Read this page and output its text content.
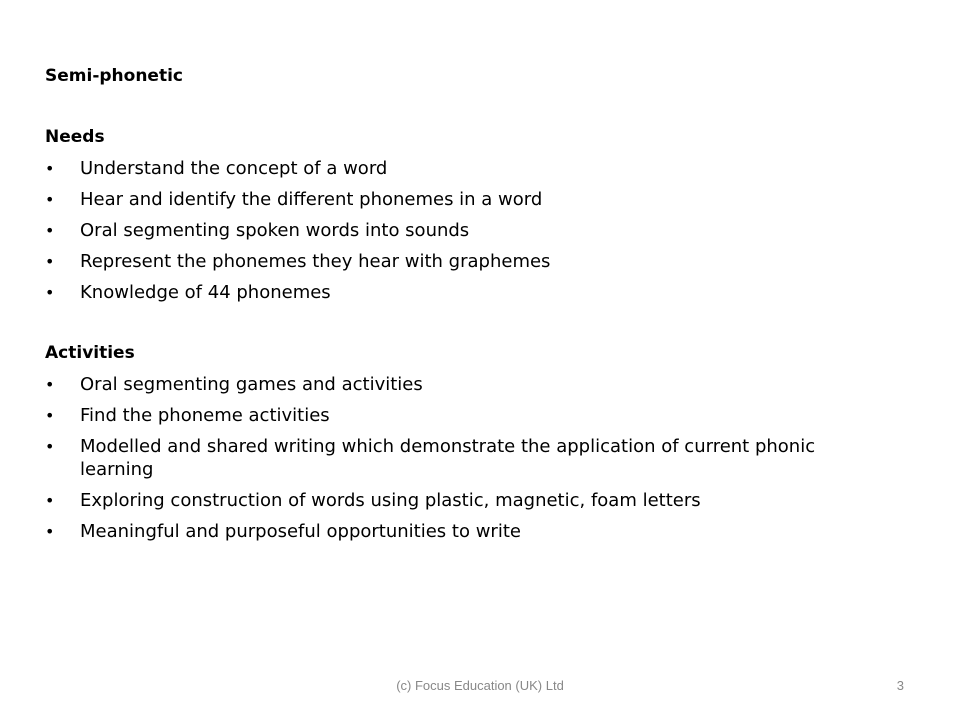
Semi-phonetic
Needs
• Understand the concept of a word
• Hear and identify the different phonemes in a word
• Oral segmenting spoken words into sounds
• Represent the phonemes they hear with graphemes
• Knowledge of 44 phonemes
Activities
• Oral segmenting games and activities
• Find the phoneme activities
• Modelled and shared writing which demonstrate the application of current phonic learning
• Exploring construction of words using plastic, magnetic, foam letters
• Meaningful and purposeful opportunities to write
(c) Focus Education (UK) Ltd	3
